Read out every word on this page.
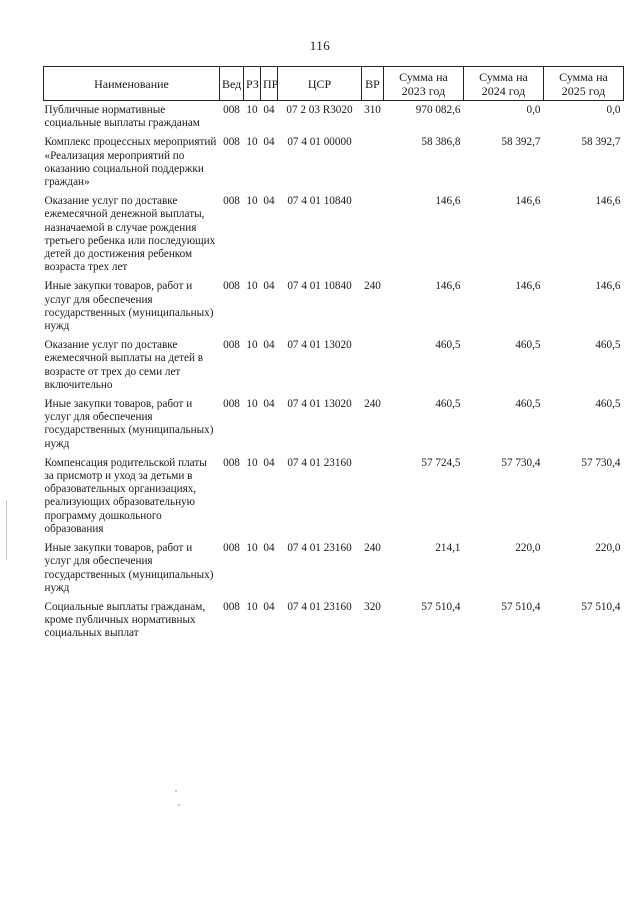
116
Наименование	Вед	РЗ	ПР	ЦСР	ВР	Сумма на 2023 год	Сумма на 2024 год	Сумма на 2025 год
Публичные нормативные социальные выплаты гражданам	008	10	04	07 2 03 R3020	310	970 082,6	0,0	0,0
Комплекс процессных мероприятий «Реализация мероприятий по оказанию социальной поддержки граждан»	008	10	04	07 4 01 00000		58 386,8	58 392,7	58 392,7
Оказание услуг по доставке ежемесячной денежной выплаты, назначаемой в случае рождения третьего ребенка или последующих детей до достижения ребенком возраста трех лет	008	10	04	07 4 01 10840		146,6	146,6	146,6
Иные закупки товаров, работ и услуг для обеспечения государственных (муниципальных) нужд	008	10	04	07 4 01 10840	240	146,6	146,6	146,6
Оказание услуг по доставке ежемесячной выплаты на детей в возрасте от трех до семи лет включительно	008	10	04	07 4 01 13020		460,5	460,5	460,5
Иные закупки товаров, работ и услуг для обеспечения государственных (муниципальных) нужд	008	10	04	07 4 01 13020	240	460,5	460,5	460,5
Компенсация родительской платы за присмотр и уход за детьми в образовательных организациях, реализующих образовательную программу дошкольного образования	008	10	04	07 4 01 23160		57 724,5	57 730,4	57 730,4
Иные закупки товаров, работ и услуг для обеспечения государственных (муниципальных) нужд	008	10	04	07 4 01 23160	240	214,1	220,0	220,0
Социальные выплаты гражданам, кроме публичных нормативных социальных выплат	008	10	04	07 4 01 23160	320	57 510,4	57 510,4	57 510,4
